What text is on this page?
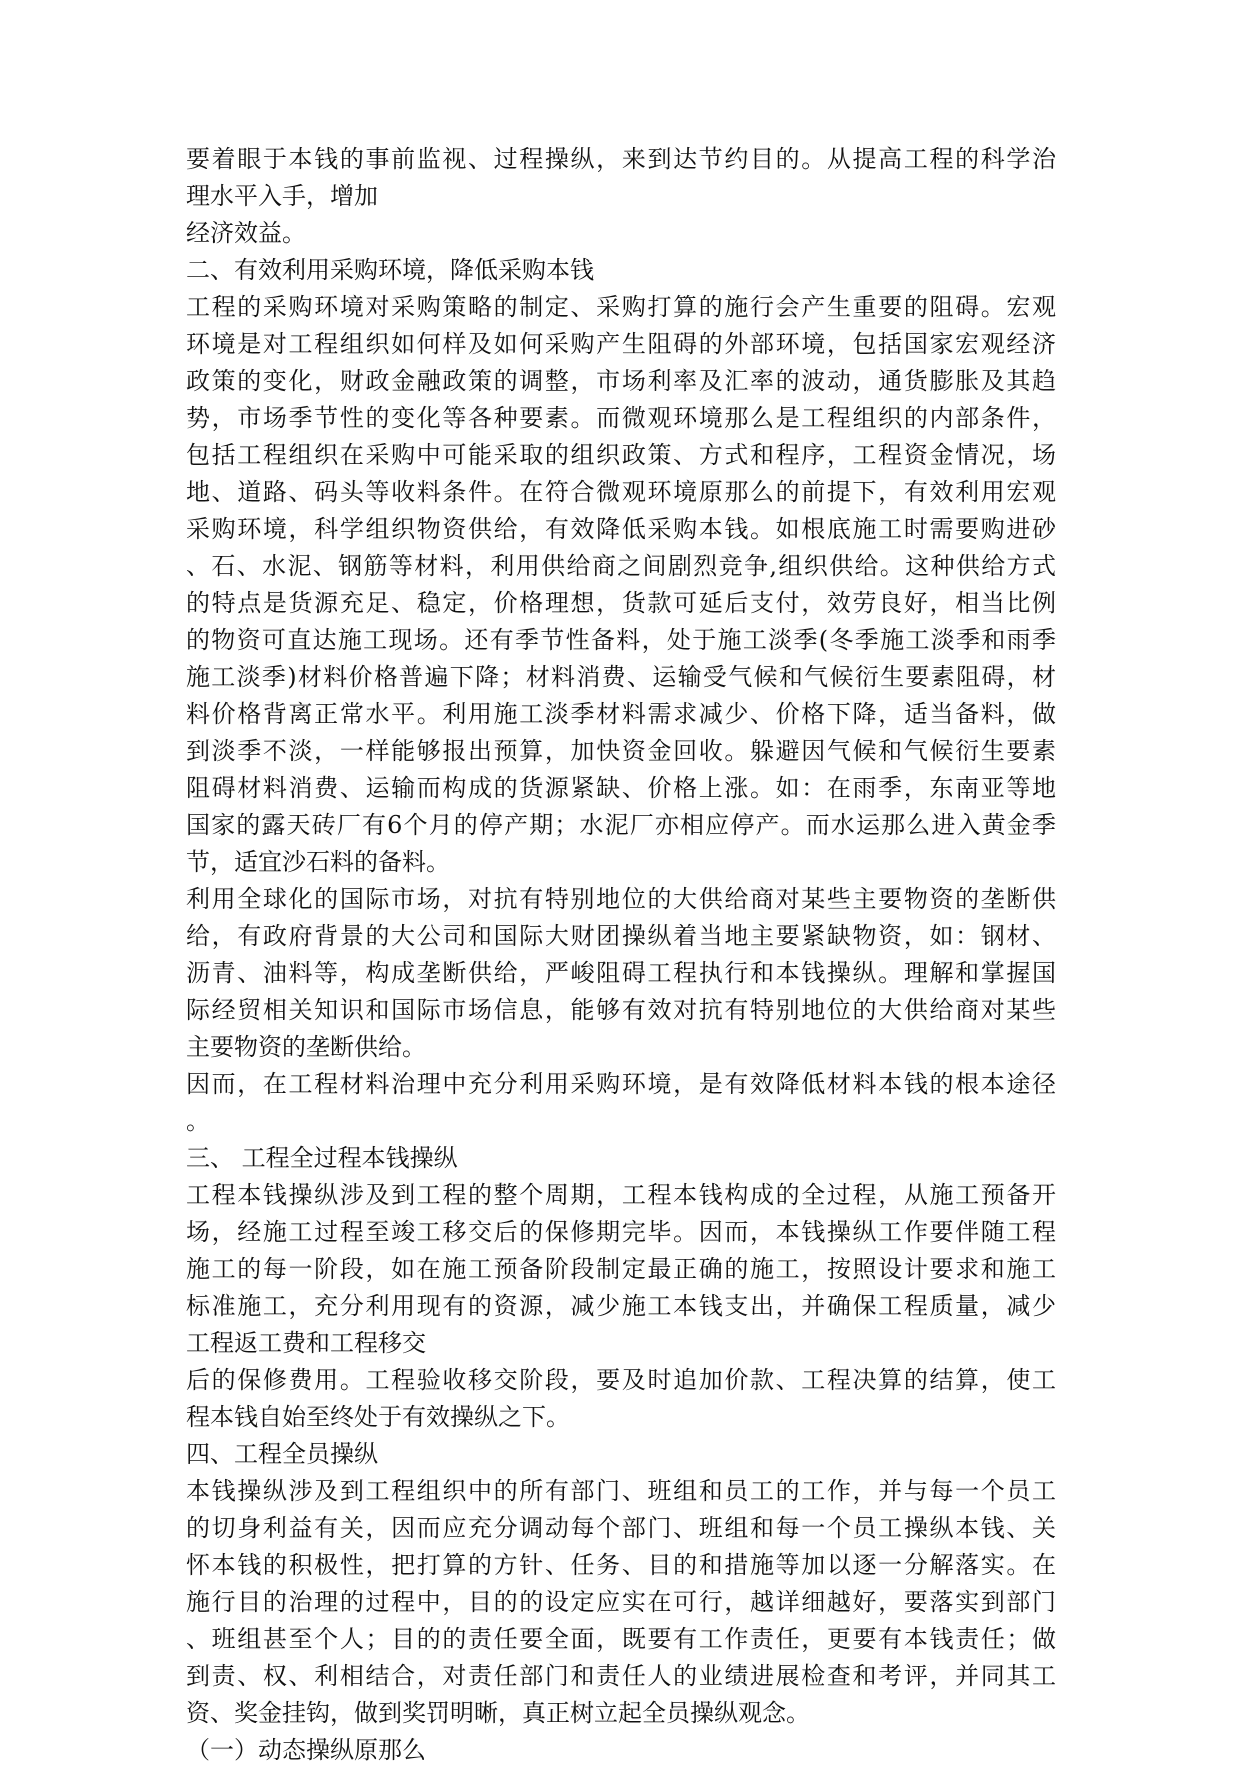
要着眼于本钱的事前监视、过程操纵，来到达节约目的。从提高工程的科学治
理水平入手，增加
经济效益。
二、有效利用采购环境，降低采购本钱
工程的采购环境对采购策略的制定、采购打算的施行会产生重要的阻碍。宏观
环境是对工程组织如何样及如何采购产生阻碍的外部环境，包括国家宏观经济
政策的变化，财政金融政策的调整，市场利率及汇率的波动，通货膨胀及其趋
势，市场季节性的变化等各种要素。而微观环境那么是工程组织的内部条件，
包括工程组织在采购中可能采取的组织政策、方式和程序，工程资金情况，场
地、道路、码头等收料条件。在符合微观环境原那么的前提下，有效利用宏观
采购环境，科学组织物资供给，有效降低采购本钱。如根底施工时需要购进砂
、石、水泥、钢筋等材料，利用供给商之间剧烈竞争,组织供给。这种供给方式
的特点是货源充足、稳定，价格理想，货款可延后支付，效劳良好，相当比例
的物资可直达施工现场。还有季节性备料，处于施工淡季(冬季施工淡季和雨季
施工淡季)材料价格普遍下降；材料消费、运输受气候和气候衍生要素阻碍，材
料价格背离正常水平。利用施工淡季材料需求减少、价格下降，适当备料，做
到淡季不淡，一样能够报出预算，加快资金回收。躲避因气候和气候衍生要素
阻碍材料消费、运输而构成的货源紧缺、价格上涨。如：在雨季，东南亚等地
国家的露天砖厂有6个月的停产期；水泥厂亦相应停产。而水运那么进入黄金季
节，适宜沙石料的备料。
利用全球化的国际市场，对抗有特别地位的大供给商对某些主要物资的垄断供
给，有政府背景的大公司和国际大财团操纵着当地主要紧缺物资，如：钢材、
沥青、油料等，构成垄断供给，严峻阻碍工程执行和本钱操纵。理解和掌握国
际经贸相关知识和国际市场信息，能够有效对抗有特别地位的大供给商对某些
主要物资的垄断供给。
因而，在工程材料治理中充分利用采购环境，是有效降低材料本钱的根本途径
。
三、 工程全过程本钱操纵
工程本钱操纵涉及到工程的整个周期，工程本钱构成的全过程，从施工预备开
场，经施工过程至竣工移交后的保修期完毕。因而，本钱操纵工作要伴随工程
施工的每一阶段，如在施工预备阶段制定最正确的施工，按照设计要求和施工
标准施工，充分利用现有的资源，减少施工本钱支出，并确保工程质量，减少
工程返工费和工程移交
后的保修费用。工程验收移交阶段，要及时追加价款、工程决算的结算，使工
程本钱自始至终处于有效操纵之下。
四、工程全员操纵
本钱操纵涉及到工程组织中的所有部门、班组和员工的工作，并与每一个员工
的切身利益有关，因而应充分调动每个部门、班组和每一个员工操纵本钱、关
怀本钱的积极性，把打算的方针、任务、目的和措施等加以逐一分解落实。在
施行目的治理的过程中，目的的设定应实在可行，越详细越好，要落实到部门
、班组甚至个人；目的的责任要全面，既要有工作责任，更要有本钱责任；做
到责、权、利相结合，对责任部门和责任人的业绩进展检查和考评，并同其工
资、奖金挂钩，做到奖罚明晰，真正树立起全员操纵观念。
（一）动态操纵原那么
